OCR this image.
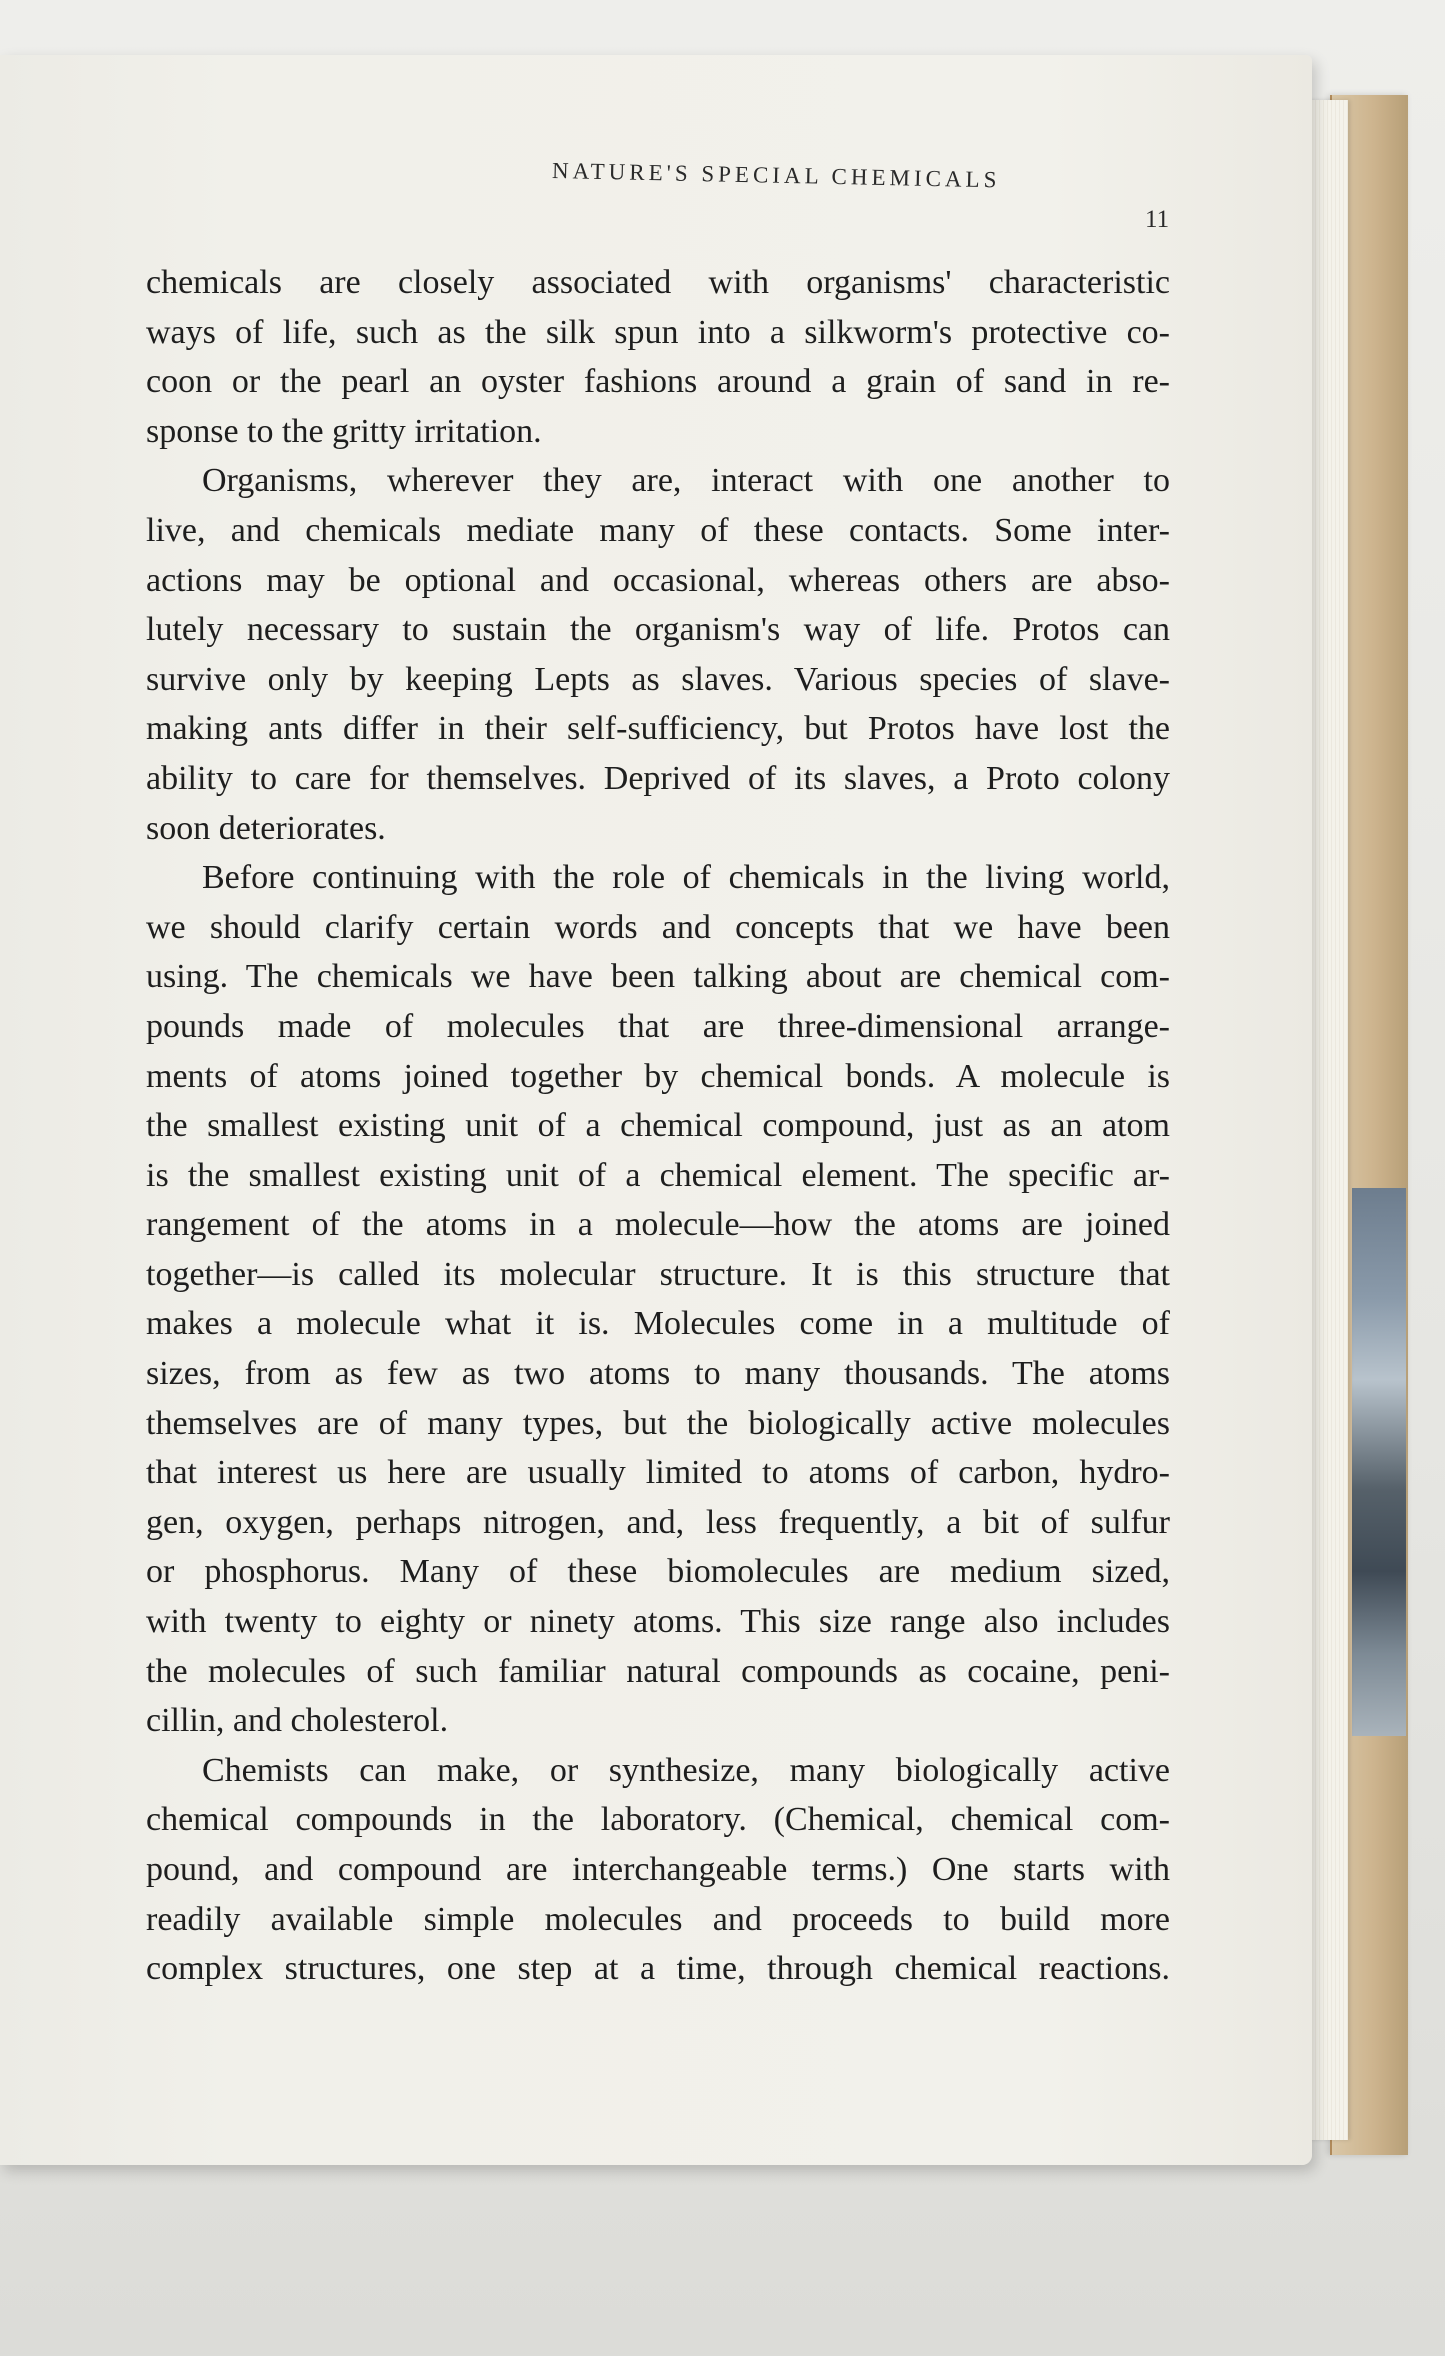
NATURE'S SPECIAL CHEMICALS
11
chemicals are closely associated with organisms' characteristic
ways of life, such as the silk spun into a silkworm's protective co-
coon or the pearl an oyster fashions around a grain of sand in re-
sponse to the gritty irritation.
Organisms, wherever they are, interact with one another to
live, and chemicals mediate many of these contacts. Some inter-
actions may be optional and occasional, whereas others are abso-
lutely necessary to sustain the organism's way of life. Protos can
survive only by keeping Lepts as slaves. Various species of slave-
making ants differ in their self-sufficiency, but Protos have lost the
ability to care for themselves. Deprived of its slaves, a Proto colony
soon deteriorates.
Before continuing with the role of chemicals in the living world,
we should clarify certain words and concepts that we have been
using. The chemicals we have been talking about are chemical com-
pounds made of molecules that are three-dimensional arrange-
ments of atoms joined together by chemical bonds. A molecule is
the smallest existing unit of a chemical compound, just as an atom
is the smallest existing unit of a chemical element. The specific ar-
rangement of the atoms in a molecule—how the atoms are joined
together—is called its molecular structure. It is this structure that
makes a molecule what it is. Molecules come in a multitude of
sizes, from as few as two atoms to many thousands. The atoms
themselves are of many types, but the biologically active molecules
that interest us here are usually limited to atoms of carbon, hydro-
gen, oxygen, perhaps nitrogen, and, less frequently, a bit of sulfur
or phosphorus. Many of these biomolecules are medium sized,
with twenty to eighty or ninety atoms. This size range also includes
the molecules of such familiar natural compounds as cocaine, peni-
cillin, and cholesterol.
Chemists can make, or synthesize, many biologically active
chemical compounds in the laboratory. (Chemical, chemical com-
pound, and compound are interchangeable terms.) One starts with
readily available simple molecules and proceeds to build more
complex structures, one step at a time, through chemical reactions.
